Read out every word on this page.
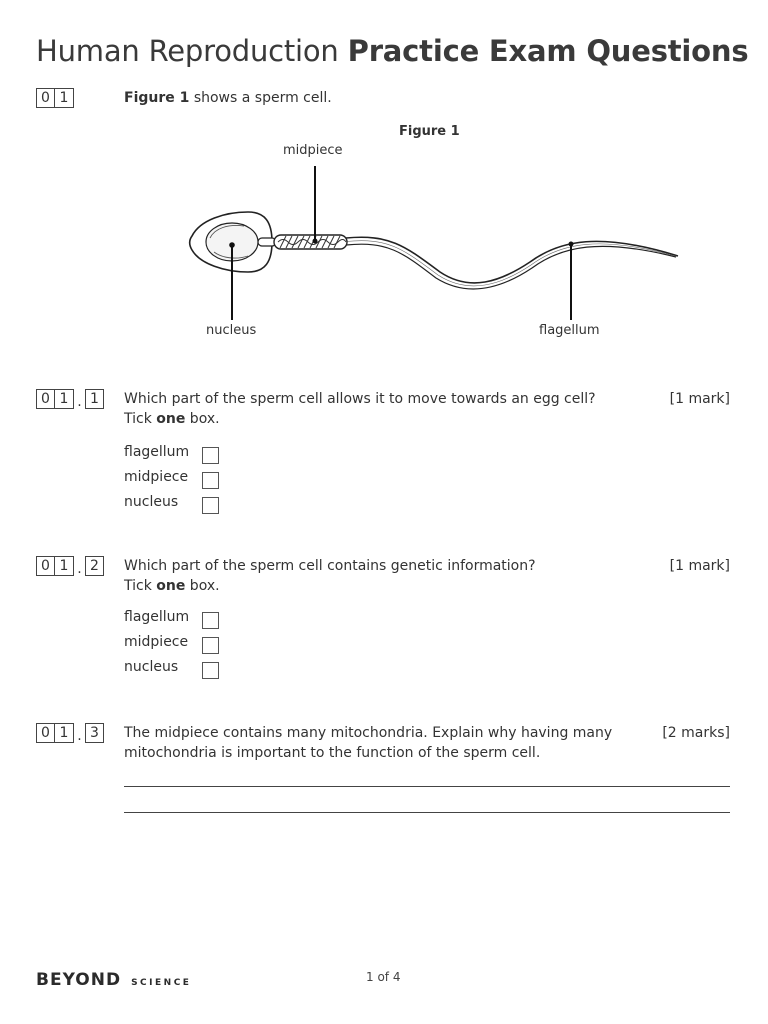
Human Reproduction Practice Exam Questions
0 1	Figure 1 shows a sperm cell.
Figure 1
midpiece
nucleus	flagellum
0 1 . 1	Which part of the sperm cell allows it to move towards an egg cell?
Tick one box.
[1 mark]
flagellum
midpiece
nucleus
0 1 . 2	Which part of the sperm cell contains genetic information?
Tick one box.
[1 mark]
flagellum
midpiece
nucleus
0 1 . 3	The midpiece contains many mitochondria. Explain why having many
mitochondria is important to the function of the sperm cell.
[2 marks]
BEYOND SCIENCE	1 of 4
